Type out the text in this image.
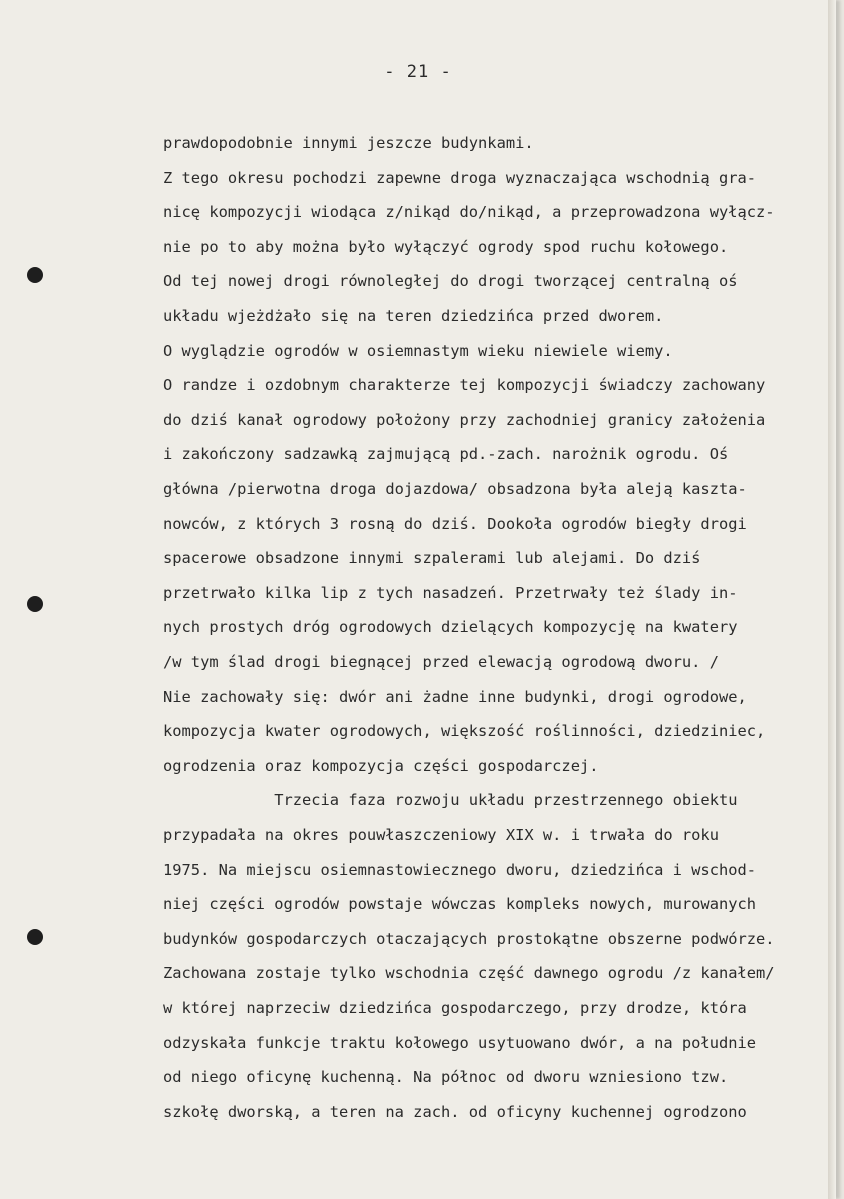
- 21 -
prawdopodobnie innymi jeszcze budynkami.
Z tego okresu pochodzi zapewne droga wyznaczająca wschodnią gra-
nicę kompozycji wiodąca z/nikąd do/nikąd, a przeprowadzona wyłącz-
nie po to aby można było wyłączyć ogrody spod ruchu kołowego.
Od tej nowej drogi równoległej do drogi tworzącej centralną oś
układu wjeżdżało się na teren dziedzińca przed dworem.
O wyglądzie ogrodów w osiemnastym wieku niewiele wiemy.
O randze i ozdobnym charakterze tej kompozycji świadczy zachowany
do dziś kanał ogrodowy położony przy zachodniej granicy założenia
i zakończony sadzawką zajmującą pd.-zach. narożnik ogrodu. Oś
główna /pierwotna droga dojazdowa/ obsadzona była aleją kaszta-
nowców, z których 3 rosną do dziś. Dookoła ogrodów biegły drogi
spacerowe obsadzone innymi szpalerami lub alejami. Do dziś
przetrwało kilka lip z tych nasadzeń. Przetrwały też ślady in-
nych prostych dróg ogrodowych dzielących kompozycję na kwatery
/w tym ślad drogi biegnącej przed elewacją ogrodową dworu. /
Nie zachowały się: dwór ani żadne inne budynki, drogi ogrodowe,
kompozycja kwater ogrodowych, większość roślinności, dziedziniec,
ogrodzenia oraz kompozycja części gospodarczej.
Trzecia faza rozwoju układu przestrzennego obiektu
przypadała na okres pouwłaszczeniowy XIX w. i trwała do roku
1975. Na miejscu osiemnastowiecznego dworu, dziedzińca i wschod-
niej części ogrodów powstaje wówczas kompleks nowych, murowanych
budynków gospodarczych otaczających prostokątne obszerne podwórze.
Zachowana zostaje tylko wschodnia część dawnego ogrodu /z kanałem/
w której naprzeciw dziedzińca gospodarczego, przy drodze, która
odzyskała funkcje traktu kołowego usytuowano dwór, a na południe
od niego oficynę kuchenną. Na północ od dworu wzniesiono tzw.
szkołę dworską, a teren na zach. od oficyny kuchennej ogrodzono
